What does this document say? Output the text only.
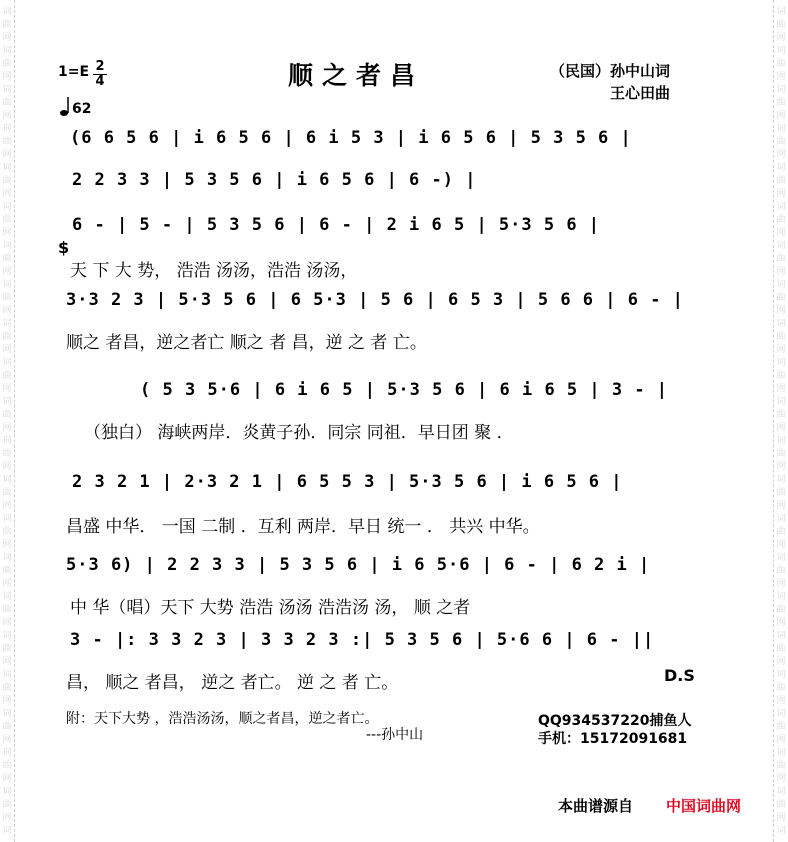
词
曲
网
词
曲
网
词
曲
网
词
曲
网
词
曲
网
词
曲
网
词
曲
网
词
曲
网
词
曲
网
词
曲
网
词
曲
网
词
曲
网
词
曲
网
词
曲
网
词
曲
网
词
曲
网
词
曲
网
词
曲
网
词
曲
网
词
曲
网
词
曲
网
词
词
曲
网
词
曲
网
词
曲
网
词
曲
网
词
曲
网
词
曲
网
词
曲
网
词
曲
网
词
曲
网
词
曲
网
词
曲
网
词
曲
网
词
曲
网
词
曲
网
词
曲
网
词
曲
网
词
曲
网
词
曲
网
词
曲
网
词
曲
网
词
曲
网
词
$1=E \frac{2}{4}$
62
顺之者昌	（民国）孙中山词
王心田曲
(6 6 5 6 | i 6 5 6 | 6 i 5 3 | i 6 5 6 | 5 3 5 6 |
2 2 3 3 | 5 3 5 6 | i 6 5 6 | 6 -) |
6 - | 5 - | 5 3 5 6 | 6 - | 2 i 6 5 | 5·3 5 6 |
$
天 下 大 势， 浩浩 汤汤，浩浩 汤汤，
3·3 2 3 | 5·3 5 6 | 6 5·3 | 5 6 | 6 5 3 | 5 6 6 | 6 - |
顺之 者昌，逆之者亡 顺之 者 昌，逆 之 者 亡。
( 5 3 5·6 | 6 i 6 5 | 5·3 5 6 | 6 i 6 5 | 3 - |
（独白） 海峡两岸．炎黄子孙．同宗 同祖．早日团 聚 ．
2 3 2 1 | 2·3 2 1 | 6 5 5 3 | 5·3 5 6 | i 6 5 6 |
昌盛 中华． 一国 二制 ．互利 两岸．早日 统一 ． 共兴 中华。
5·3 6) | 2 2 3 3 | 5 3 5 6 | i 6 5·6 | 6 - | 6 2 i |
中 华（唱）天下 大势 浩浩 汤汤 浩浩汤 汤， 顺 之者
3 - |: 3 3 2 3 | 3 3 2 3 :| 5 3 5 6 | 5·6 6 | 6 - ||
昌， 顺之 者昌， 逆之 者亡。 逆 之 者 亡。	D.S
附：天下大势 ，浩浩汤汤，顺之者昌，逆之者亡。
---孙中山
QQ934537220捕鱼人
手机：15172091681
本曲谱源自 中国词曲网
